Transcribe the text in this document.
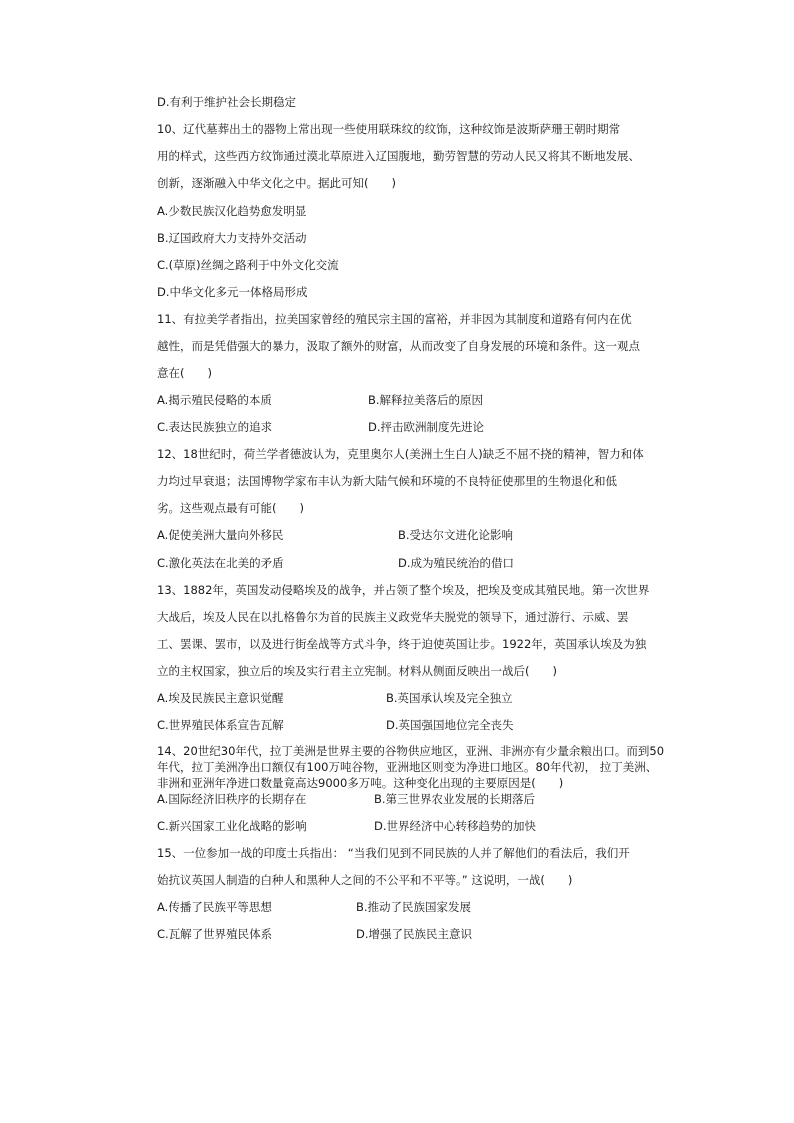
D.有利于维护社会长期稳定
10、辽代墓葬出土的器物上常出现一些使用联珠纹的纹饰，这种纹饰是波斯萨珊王朝时期常
用的样式，这些西方纹饰通过漠北草原进入辽国腹地，勤劳智慧的劳动人民又将其不断地发展、
创新，逐渐融入中华文化之中。据此可知(　　)
A.少数民族汉化趋势愈发明显
B.辽国政府大力支持外交活动
C.(草原)丝绸之路利于中外文化交流
D.中华文化多元一体格局形成
11、有拉美学者指出，拉美国家曾经的殖民宗主国的富裕，并非因为其制度和道路有何内在优
越性，而是凭借强大的暴力，汲取了额外的财富，从而改变了自身发展的环境和条件。这一观点
意在(　　)
A.揭示殖民侵略的本质	B.解释拉美落后的原因
C.表达民族独立的追求	D.抨击欧洲制度先进论
12、18世纪时，荷兰学者德波认为，克里奥尔人(美洲土生白人)缺乏不屈不挠的精神，智力和体
力均过早衰退；法国博物学家布丰认为新大陆气候和环境的不良特征使那里的生物退化和低
劣。这些观点最有可能(　　)
A.促使美洲大量向外移民	B.受达尔文进化论影响
C.激化英法在北美的矛盾	D.成为殖民统治的借口
13、1882年，英国发动侵略埃及的战争，并占领了整个埃及，把埃及变成其殖民地。第一次世界
大战后，埃及人民在以扎格鲁尔为首的民族主义政党华夫脱党的领导下，通过游行、示威、罢
工、罢课、罢市，以及进行街垒战等方式斗争，终于迫使英国让步。1922年，英国承认埃及为独
立的主权国家，独立后的埃及实行君主立宪制。材料从侧面反映出一战后(　　)
A.埃及民族民主意识觉醒	B.英国承认埃及完全独立
C.世界殖民体系宣告瓦解	D.英国强国地位完全丧失
14、20世纪30年代，拉丁美洲是世界主要的谷物供应地区，亚洲、非洲亦有少量余粮出口。而到50
年代，拉丁美洲净出口额仅有100万吨谷物，亚洲地区则变为净进口地区。80年代初， 拉丁美洲、
非洲和亚洲年净进口数量竟高达9000多万吨。这种变化出现的主要原因是(　　)
A.国际经济旧秩序的长期存在	B.第三世界农业发展的长期落后
C.新兴国家工业化战略的影响	D.世界经济中心转移趋势的加快
15、一位参加一战的印度士兵指出： “当我们见到不同民族的人并了解他们的看法后，我们开
始抗议英国人制造的白种人和黑种人之间的不公平和不平等。” 这说明，一战(　　)
A.传播了民族平等思想	B.推动了民族国家发展
C.瓦解了世界殖民体系	D.增强了民族民主意识
